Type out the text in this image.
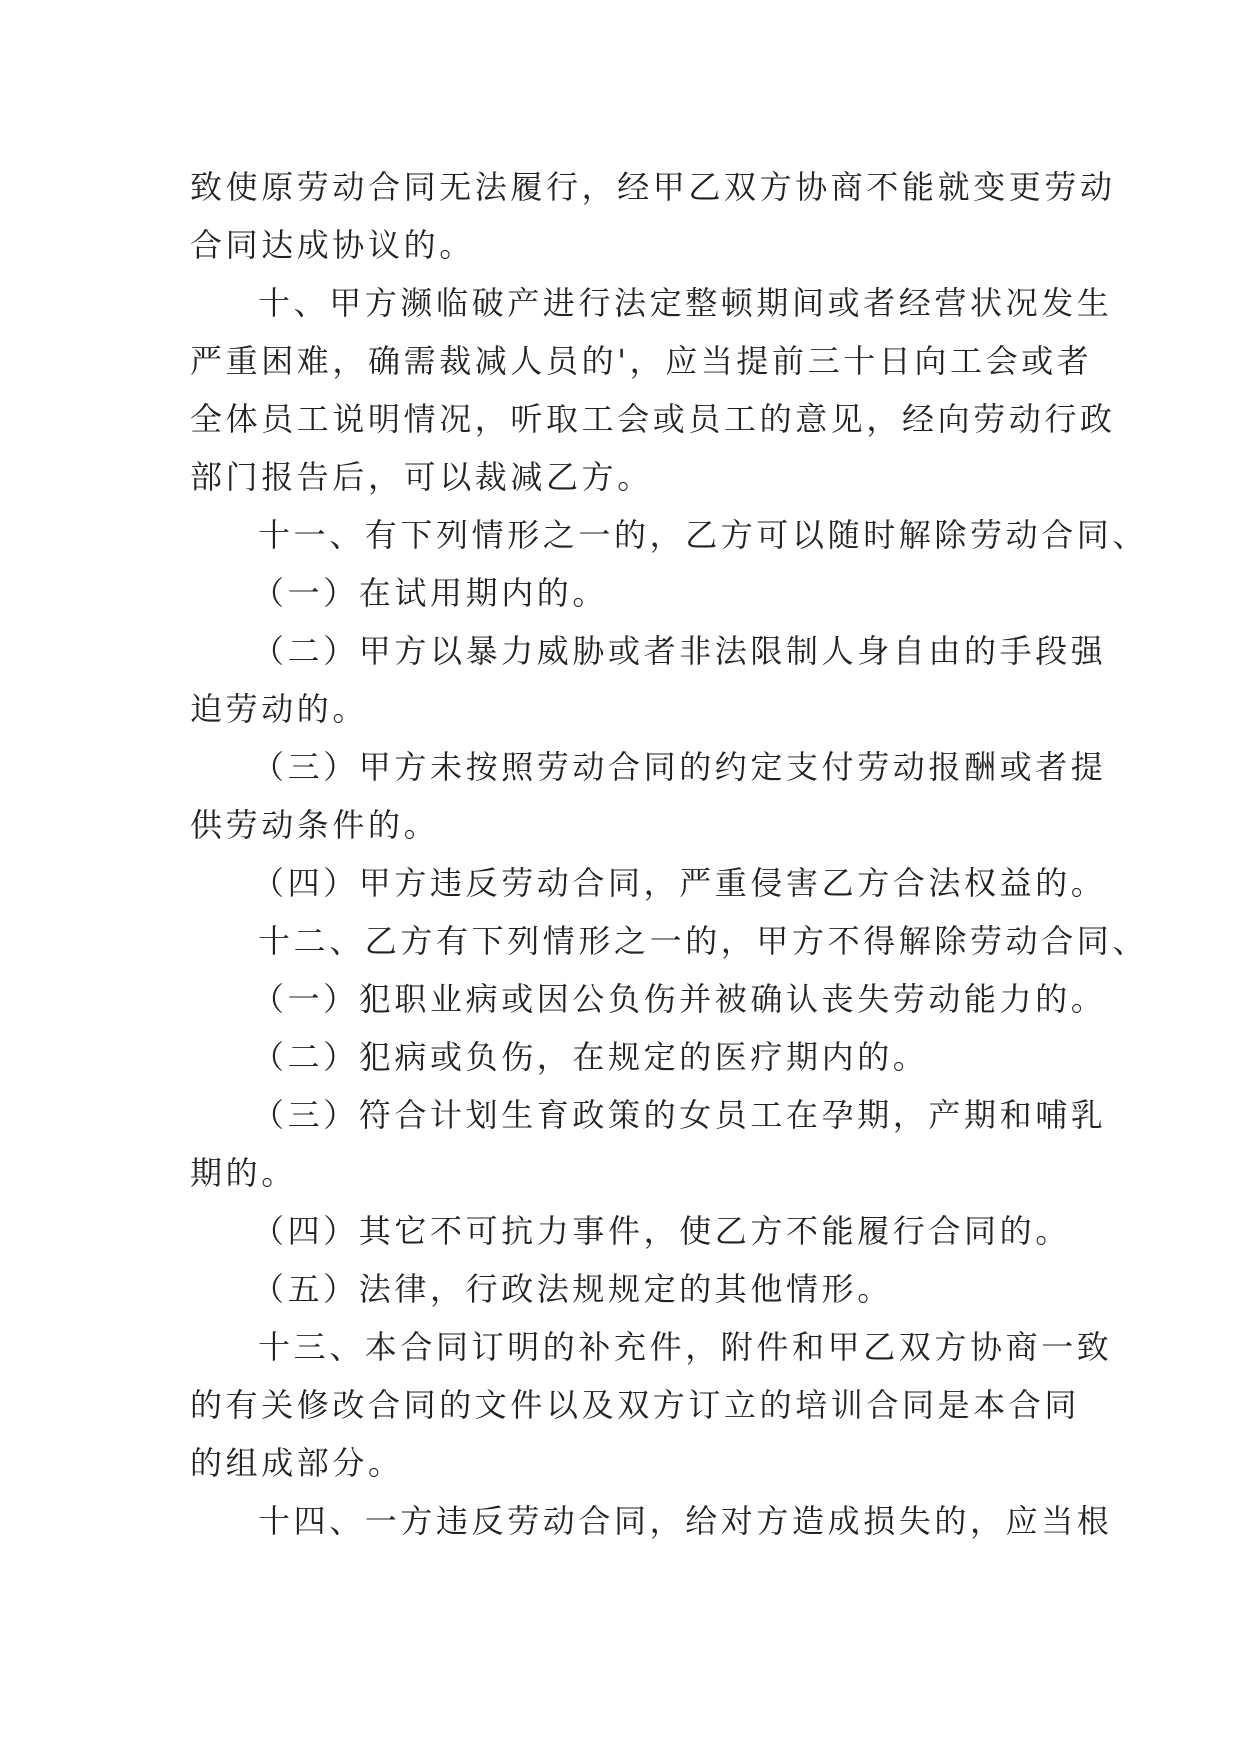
致使原劳动合同无法履行，经甲乙双方协商不能就变更劳动
合同达成协议的。
十、甲方濒临破产进行法定整顿期间或者经营状况发生
严重困难，确需裁减人员的'，应当提前三十日向工会或者
全体员工说明情况，听取工会或员工的意见，经向劳动行政
部门报告后，可以裁减乙方。
十一、有下列情形之一的，乙方可以随时解除劳动合同、
（一）在试用期内的。
（二）甲方以暴力威胁或者非法限制人身自由的手段强
迫劳动的。
（三）甲方未按照劳动合同的约定支付劳动报酬或者提
供劳动条件的。
（四）甲方违反劳动合同，严重侵害乙方合法权益的。
十二、乙方有下列情形之一的，甲方不得解除劳动合同、
（一）犯职业病或因公负伤并被确认丧失劳动能力的。
（二）犯病或负伤，在规定的医疗期内的。
（三）符合计划生育政策的女员工在孕期，产期和哺乳
期的。
（四）其它不可抗力事件，使乙方不能履行合同的。
（五）法律，行政法规规定的其他情形。
十三、本合同订明的补充件，附件和甲乙双方协商一致
的有关修改合同的文件以及双方订立的培训合同是本合同
的组成部分。
十四、一方违反劳动合同，给对方造成损失的，应当根
